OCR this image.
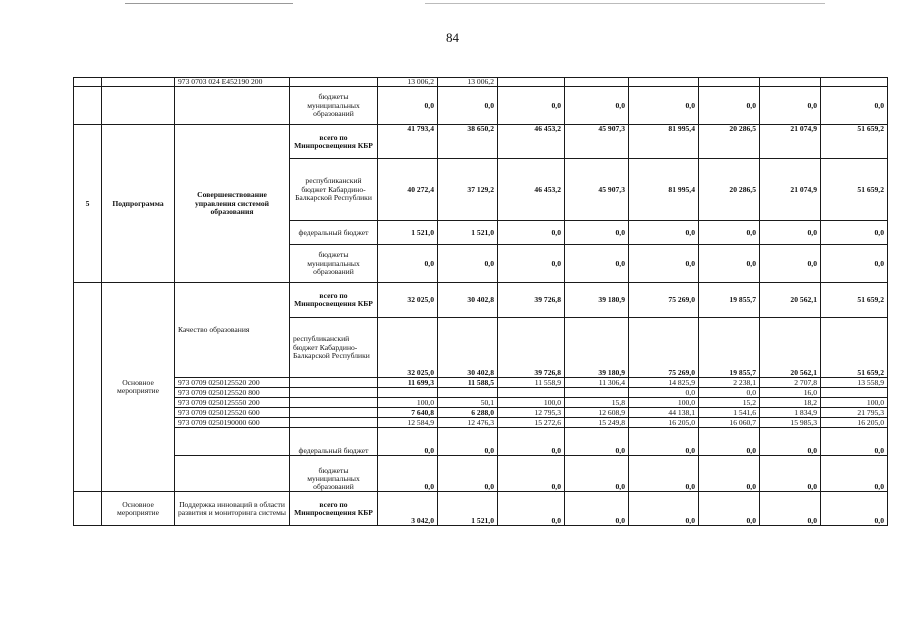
84
		973 0703 024 E452190 200		13 006,2	13 006,2						
			бюджеты муниципальных образований	0,0	0,0	0,0	0,0	0,0	0,0	0,0	0,0
5	Подпрограмма	Совершенствование управления системой образования	всего по Минпросвещения КБР	41 793,4	38 650,2	46 453,2	45 907,3	81 995,4	20 286,5	21 074,9	51 659,2
			республиканский бюджет Кабардино-Балкарской Республики	40 272,4	37 129,2	46 453,2	45 907,3	81 995,4	20 286,5	21 074,9	51 659,2
			федеральный бюджет	1 521,0	1 521,0	0,0	0,0	0,0	0,0	0,0	0,0
			бюджеты муниципальных образований	0,0	0,0	0,0	0,0	0,0	0,0	0,0	0,0
	Основное мероприятие	Качество образования	всего по Минпросвещения КБР	32 025,0	30 402,8	39 726,8	39 180,9	75 269,0	19 855,7	20 562,1	51 659,2
			республиканский бюджет Кабардино-Балкарской Республики	32 025,0	30 402,8	39 726,8	39 180,9	75 269,0	19 855,7	20 562,1	51 659,2
		973 0709 0250125520 200		11 699,3	11 588,5	11 558,9	11 306,4	14 825,9	2 238,1	2 707,8	13 558,9
		973 0709 0250125520 800						0,0	0,0	16,0	
		973 0709 0250125550 200		100,0	50,1	100,0	15,8	100,0	15,2	18,2	100,0
		973 0709 0250125520 600		7 640,8	6 288,0	12 795,3	12 608,9	44 138,1	1 541,6	1 834,9	21 795,3
		973 0709 0250190000 600		12 584,9	12 476,3	15 272,6	15 249,8	16 205,0	16 060,7	15 985,3	16 205,0
			федеральный бюджет	0,0	0,0	0,0	0,0	0,0	0,0	0,0	0,0
			бюджеты муниципальных образований	0,0	0,0	0,0	0,0	0,0	0,0	0,0	0,0
	Основное мероприятие	Поддержка инноваций в области развития и мониторинга системы	всего по Минпросвещения КБР	3 042,0	1 521,0	0,0	0,0	0,0	0,0	0,0	0,0
